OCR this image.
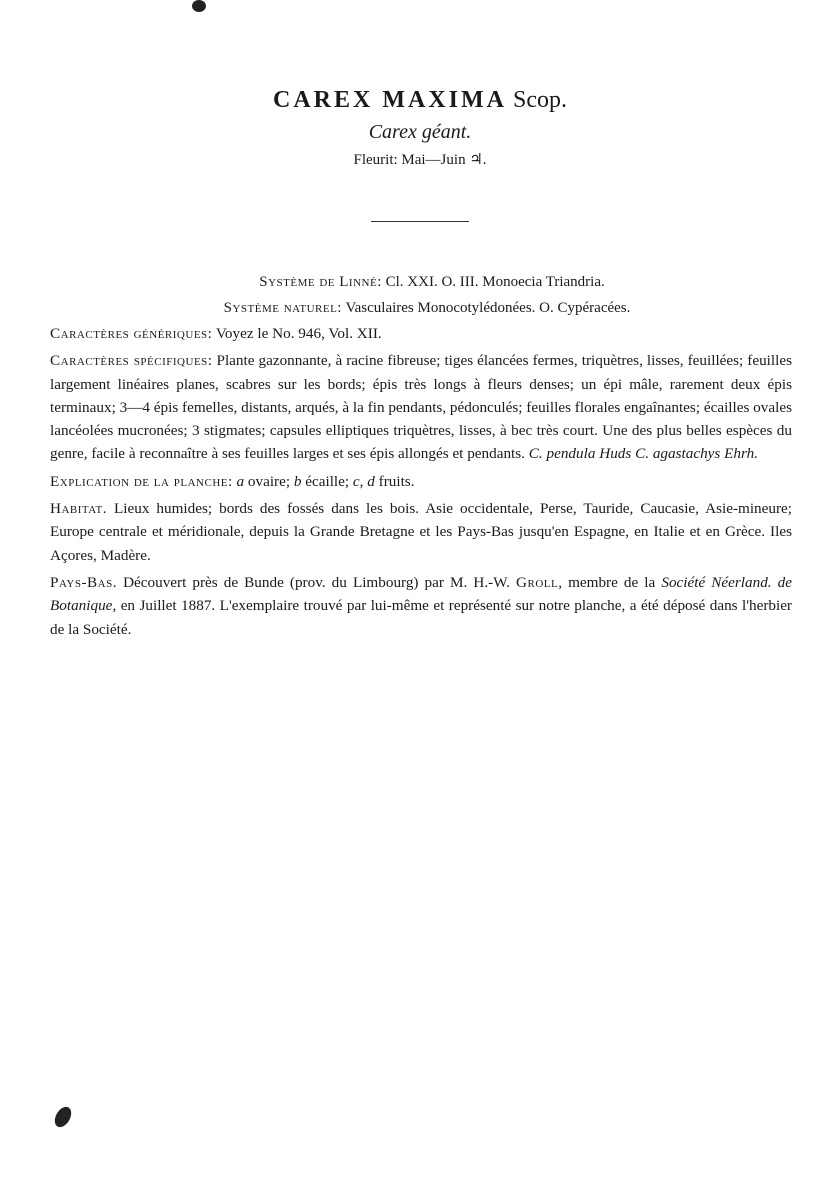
CAREX MAXIMA Scop.
Carex géant.
Fleurit: Mai—Juin ♃.
Système de Linné: Cl. XXI. O. III. Monoecia Triandria.
Système naturel: Vasculaires Monocotylédonées. O. Cypéracées.

Caractères génériques: Voyez le No. 946, Vol. XII.

Caractères spécifiques: Plante gazonnante, à racine fibreuse; tiges élancées fermes, triquètres, lisses, feuillées; feuilles largement linéaires planes, scabres sur les bords; épis très longs à fleurs denses; un épi mâle, rarement deux épis terminaux; 3—4 épis femelles, distants, arqués, à la fin pendants, pédonculés; feuilles florales engaînantes; écailles ovales lancéolées mucronées; 3 stigmates; capsules elliptiques triquètres, lisses, à bec très court. Une des plus belles espèces du genre, facile à reconnaître à ses feuilles larges et ses épis allongés et pendants. C. pendula Huds C. agastachys Ehrh.

Explication de la planche: a ovaire; b écaille; c, d fruits.

Habitat. Lieux humides; bords des fossés dans les bois. Asie occidentale, Perse, Tauride, Caucasie, Asie-mineure; Europe centrale et méridionale, depuis la Grande Bretagne et les Pays-Bas jusqu'en Espagne, en Italie et en Grèce. Iles Açores, Madère.

Pays-Bas. Découvert près de Bunde (prov. du Limbourg) par M. H.-W. Groll, membre de la Société Néerland. de Botanique, en Juillet 1887. L'exemplaire trouvé par lui-même et représenté sur notre planche, a été déposé dans l'herbier de la Société.
